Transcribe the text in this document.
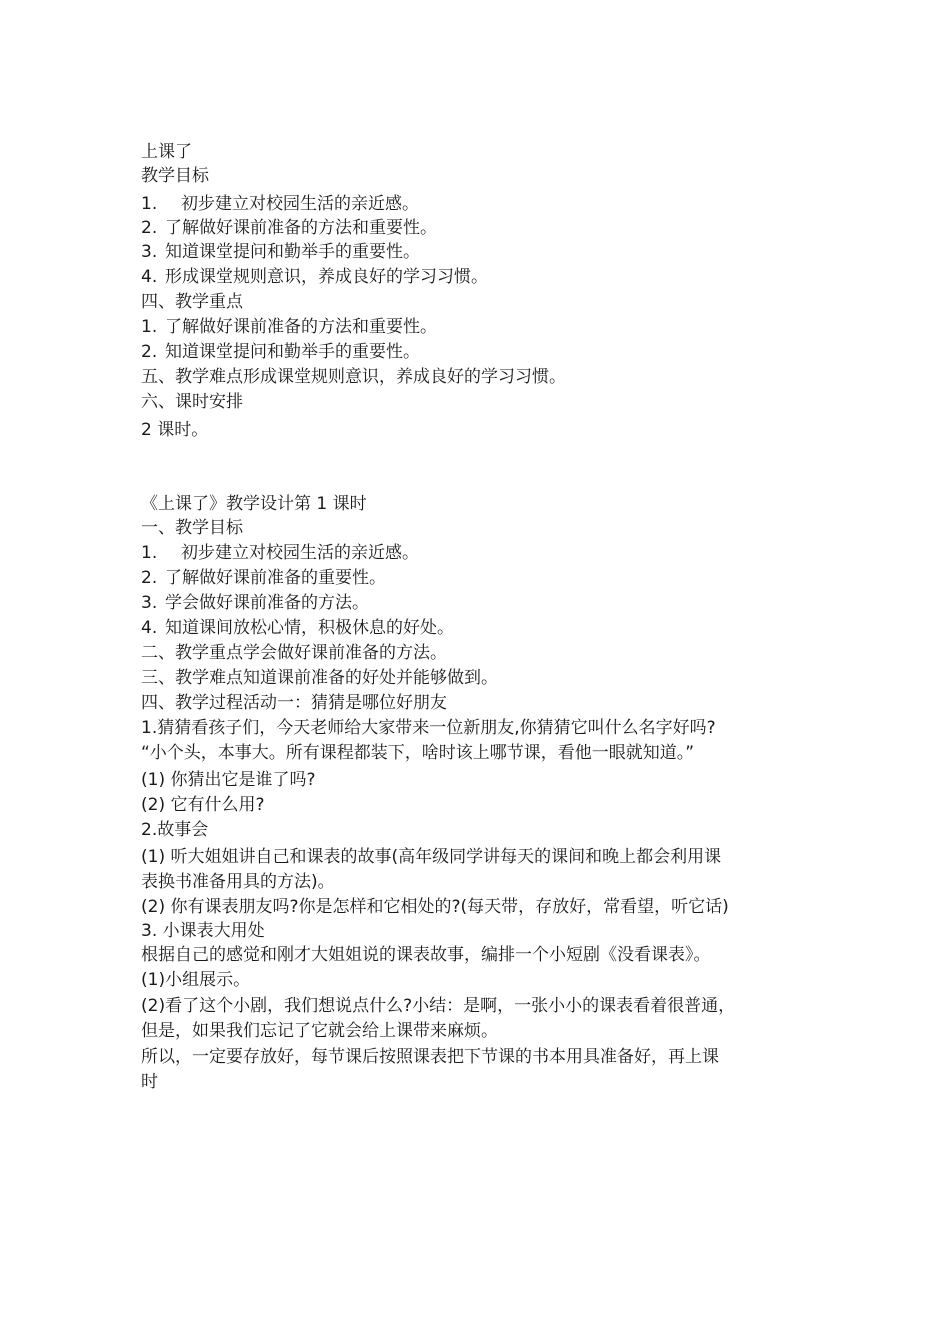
上课了
教学目标
1. 初步建立对校园生活的亲近感。
2. 了解做好课前准备的方法和重要性。
3. 知道课堂提问和勤举手的重要性。
4. 形成课堂规则意识，养成良好的学习习惯。
四、教学重点
1. 了解做好课前准备的方法和重要性。
2. 知道课堂提问和勤举手的重要性。
五、教学难点形成课堂规则意识，养成良好的学习习惯。
六、课时安排
2 课时。
《上课了》教学设计第 1 课时
一、教学目标
1. 初步建立对校园生活的亲近感。
2. 了解做好课前准备的重要性。
3. 学会做好课前准备的方法。
4. 知道课间放松心情，积极休息的好处。
二、教学重点学会做好课前准备的方法。
三、教学难点知道课前准备的好处并能够做到。
四、教学过程活动一：猜猜是哪位好朋友
1.猜猜看孩子们，今天老师给大家带来一位新朋友,你猜猜它叫什么名字好吗?
“小个头，本事大。所有课程都装下，啥时该上哪节课，看他一眼就知道。”
(1) 你猜出它是谁了吗?
(2) 它有什么用?
2.故事会
(1) 听大姐姐讲自己和课表的故事(高年级同学讲每天的课间和晚上都会利用课
表换书准备用具的方法)。
(2) 你有课表朋友吗?你是怎样和它相处的?(每天带，存放好，常看望，听它话)
3. 小课表大用处
根据自己的感觉和刚才大姐姐说的课表故事，编排一个小短剧《没看课表》。
(1)小组展示。
(2)看了这个小剧，我们想说点什么?小结：是啊，一张小小的课表看着很普通，
但是，如果我们忘记了它就会给上课带来麻烦。
所以，一定要存放好，每节课后按照课表把下节课的书本用具准备好，再上课
时
